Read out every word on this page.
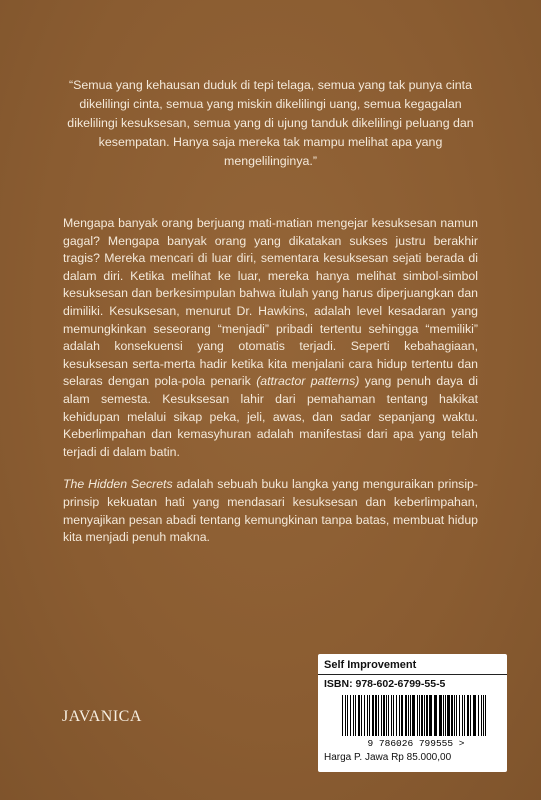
“Semua yang kehausan duduk di tepi telaga, semua yang tak punya cinta dikelilingi cinta, semua yang miskin dikelilingi uang, semua kegagalan dikelilingi kesuksesan, semua yang di ujung tanduk dikelilingi peluang dan kesempatan. Hanya saja mereka tak mampu melihat apa yang mengelilinginya.”

Mengapa banyak orang berjuang mati-matian mengejar kesuksesan namun gagal? Mengapa banyak orang yang dikatakan sukses justru berakhir tragis? Mereka mencari di luar diri, sementara kesuksesan sejati berada di dalam diri. Ketika melihat ke luar, mereka hanya melihat simbol-simbol kesuksesan dan berkesimpulan bahwa itulah yang harus diperjuangkan dan dimiliki. Kesuksesan, menurut Dr. Hawkins, adalah level kesadaran yang memungkinkan seseorang “menjadi” pribadi tertentu sehingga “memiliki” adalah konsekuensi yang otomatis terjadi. Seperti kebahagiaan, kesuksesan serta-merta hadir ketika kita menjalani cara hidup tertentu dan selaras dengan pola-pola penarik (attractor patterns) yang penuh daya di alam semesta. Kesuksesan lahir dari pemahaman tentang hakikat kehidupan melalui sikap peka, jeli, awas, dan sadar sepanjang waktu. Keberlimpahan dan kemasyhuran adalah manifestasi dari apa yang telah terjadi di dalam batin.

The Hidden Secrets adalah sebuah buku langka yang menguraikan prinsip-prinsip kekuatan hati yang mendasari kesuksesan dan keberlimpahan, menyajikan pesan abadi tentang kemungkinan tanpa batas, membuat hidup kita menjadi penuh makna.

JAVANICA
Self Improvement
ISBN: 978-602-6799-55-5
9 786026 799555 >
Harga P. Jawa Rp 85.000,00
